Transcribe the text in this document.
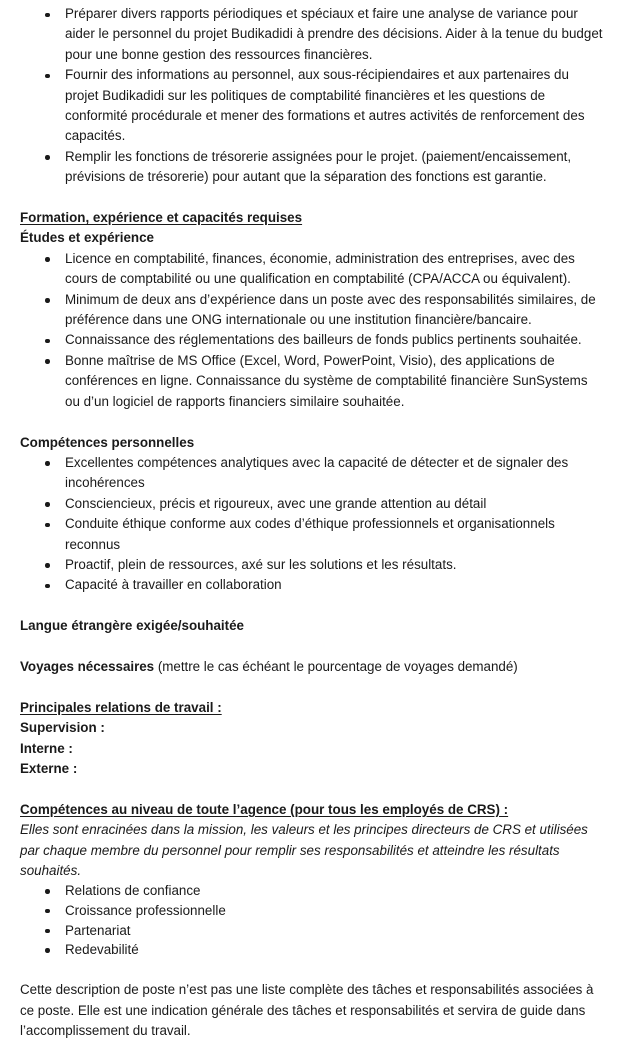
Préparer divers rapports périodiques et spéciaux et faire une analyse de variance pour aider le personnel du projet Budikadidi à prendre des décisions. Aider à la tenue du budget pour une bonne gestion des ressources financières.
Fournir des informations au personnel, aux sous-récipiendaires et aux partenaires du projet Budikadidi sur les politiques de comptabilité financières et les questions de conformité procédurale et mener des formations et autres activités de renforcement des capacités.
Remplir les fonctions de trésorerie assignées pour le projet. (paiement/encaissement, prévisions de trésorerie) pour autant que la séparation des fonctions est garantie.
Formation, expérience et capacités requises
Études et expérience
Licence en comptabilité, finances, économie, administration des entreprises, avec des cours de comptabilité ou une qualification en comptabilité (CPA/ACCA ou équivalent).
Minimum de deux ans d’expérience dans un poste avec des responsabilités similaires, de préférence dans une ONG internationale ou une institution financière/bancaire.
Connaissance des réglementations des bailleurs de fonds publics pertinents souhaitée.
Bonne maîtrise de MS Office (Excel, Word, PowerPoint, Visio), des applications de conférences en ligne. Connaissance du système de comptabilité financière SunSystems ou d’un logiciel de rapports financiers similaire souhaitée.
Compétences personnelles
Excellentes compétences analytiques avec la capacité de détecter et de signaler des incohérences
Consciencieux, précis et rigoureux, avec une grande attention au détail
Conduite éthique conforme aux codes d’éthique professionnels et organisationnels reconnus
Proactif, plein de ressources, axé sur les solutions et les résultats.
Capacité à travailler en collaboration
Langue étrangère exigée/souhaitée

Voyages nécessaires (mettre le cas échéant le pourcentage de voyages demandé)

Principales relations de travail :
Supervision :
Interne :
Externe :
Compétences au niveau de toute l’agence (pour tous les employés de CRS) :

Elles sont enracinées dans la mission, les valeurs et les principes directeurs de CRS et utilisées par chaque membre du personnel pour remplir ses responsabilités et atteindre les résultats souhaités.

Relations de confiance
Croissance professionnelle
Partenariat
Redevabilité

Cette description de poste n’est pas une liste complète des tâches et responsabilités associées à ce poste. Elle est une indication générale des tâches et responsabilités et servira de guide dans l’accomplissement du travail.
